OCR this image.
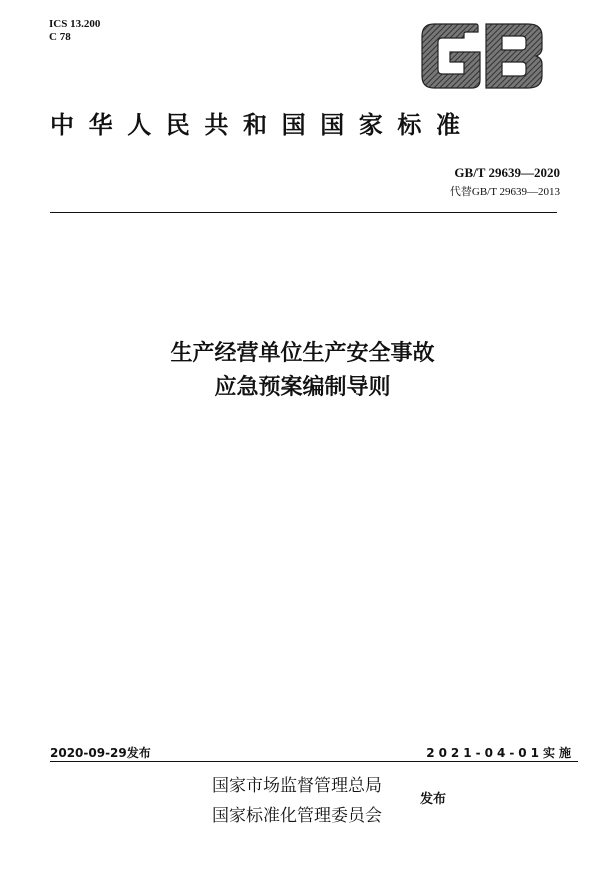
ICS 13.200
C 78
GB
中华人民共和国国家标准
GB/T 29639—2020
代替GB/T 29639—2013
生产经营单位生产安全事故
应急预案编制导则
2020-09-29发布	2021-04-01实施
国家市场监督管理总局
国家标准化管理委员会
发布
